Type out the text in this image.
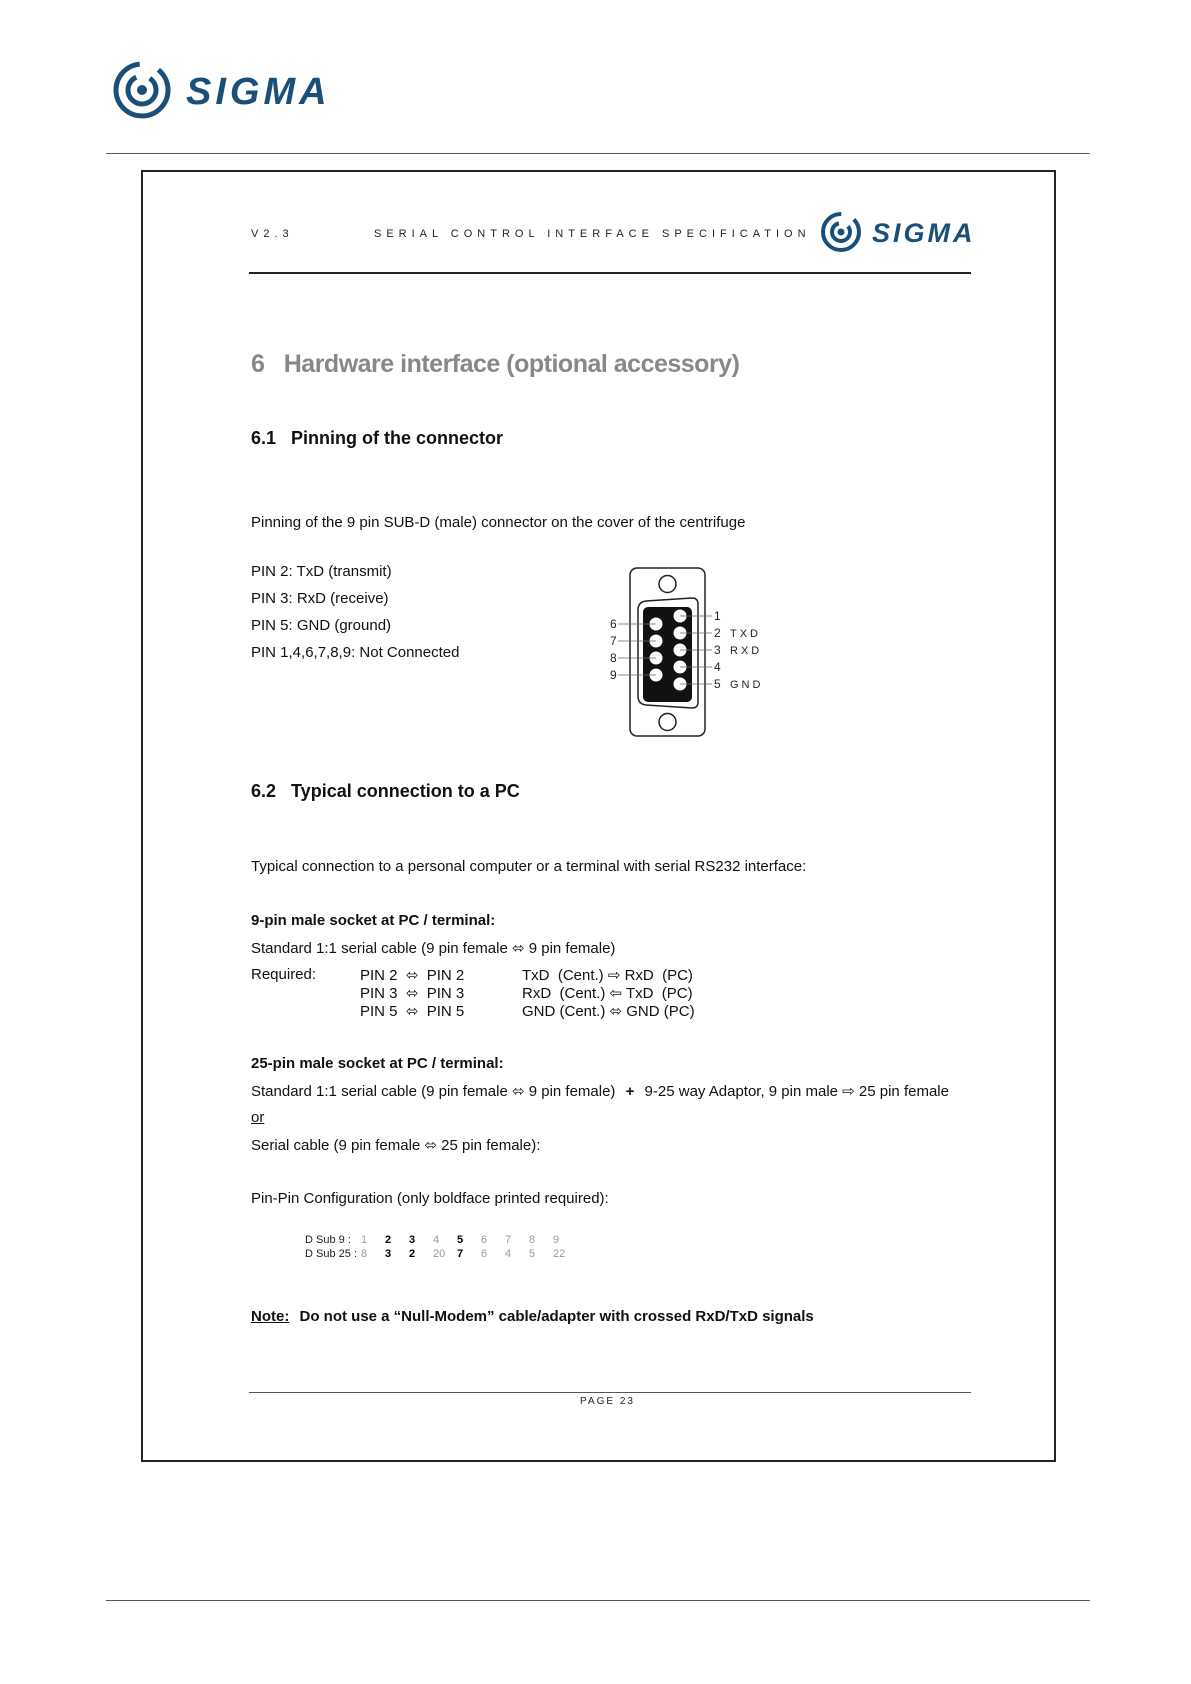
SIGMA
V2.3	SERIAL CONTROL INTERFACE SPECIFICATION SIGMA
6   Hardware interface (optional accessory)
6.1   Pinning of the connector
Pinning of the 9 pin SUB-D (male) connector on the cover of the centrifuge
PIN 2: TxD (transmit)
PIN 3: RxD (receive)
PIN 5: GND (ground)
PIN 1,4,6,7,8,9: Not Connected
6
7
8
9
1
2
3
4
5
TXD
RXD
GND
6.2   Typical connection to a PC
Typical connection to a personal computer or a terminal with serial RS232 interface:
9-pin male socket at PC / terminal:
Standard 1:1 serial cable (9 pin female ⬄ 9 pin female)
Required:	PIN 2  ⬄  PIN 2	TxD  (Cent.) ⇨ RxD  (PC)
PIN 3  ⬄  PIN 3	RxD  (Cent.) ⇦ TxD  (PC)
PIN 5  ⬄  PIN 5	GND (Cent.) ⬄ GND (PC)
25-pin male socket at PC / terminal:
Standard 1:1 serial cable (9 pin female ⬄ 9 pin female) + 9-25 way Adaptor, 9 pin male ⇨ 25 pin female
or
Serial cable (9 pin female ⬄ 25 pin female):
Pin-Pin Configuration (only boldface printed required):
D Sub 9 :	1	2	3	4	5	6	7	8	9
D Sub 25 :	8	3	2	20	7	6	4	5	22
Note: Do not use a “Null-Modem” cable/adapter with crossed RxD/TxD signals
PAGE 23
